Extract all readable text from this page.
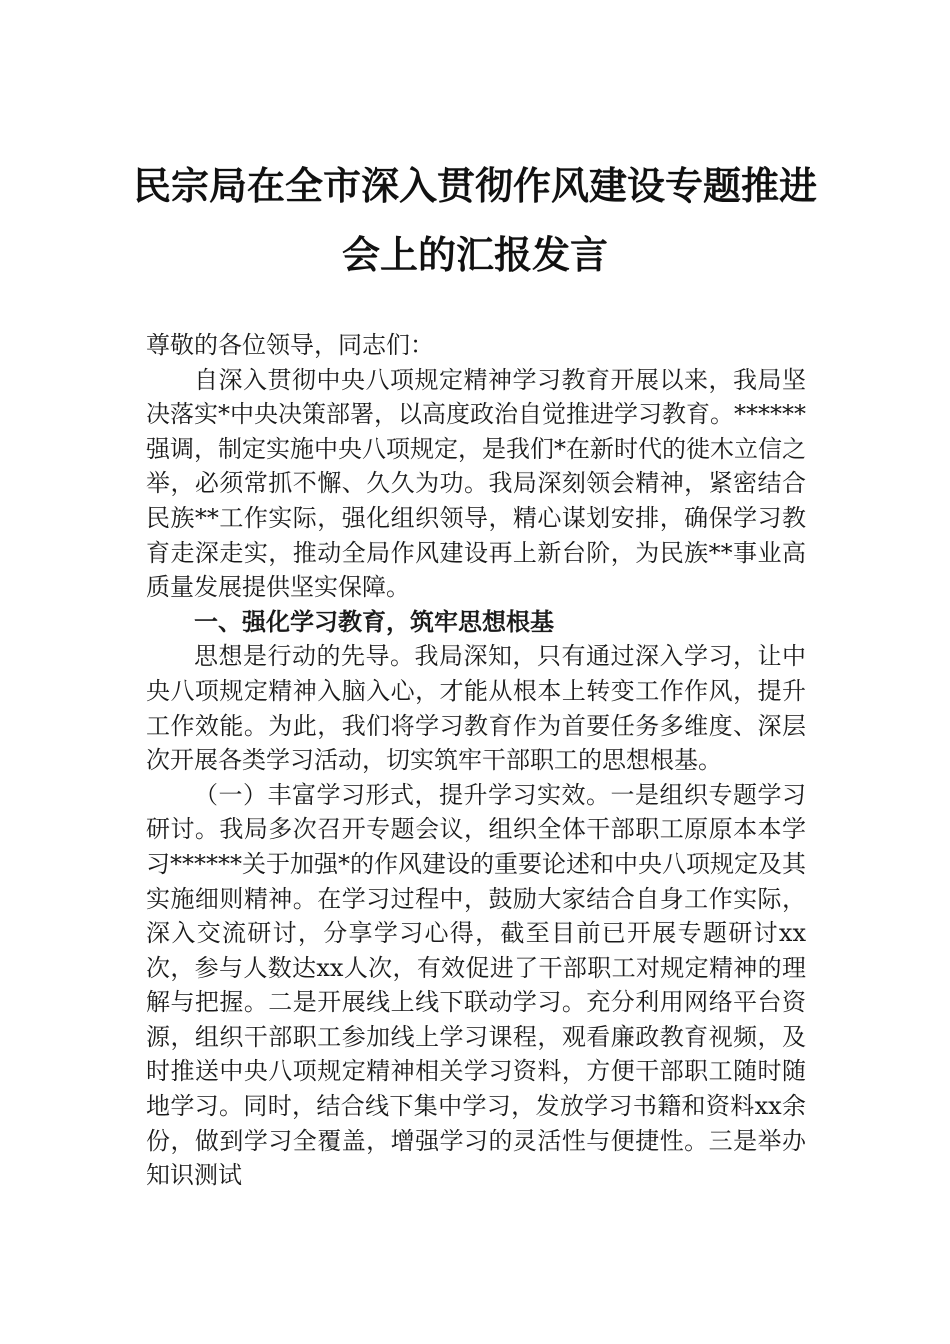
民宗局在全市深入贯彻作风建设专题推进
会上的汇报发言

尊敬的各位领导，同志们：

自深入贯彻中央八项规定精神学习教育开展以来，我局坚决落实*中央决策部署，以高度政治自觉推进学习教育。******强调，制定实施中央八项规定，是我们*在新时代的徙木立信之举，必须常抓不懈、久久为功。我局深刻领会精神，紧密结合民族**工作实际，强化组织领导，精心谋划安排，确保学习教育走深走实，推动全局作风建设再上新台阶，为民族**事业高质量发展提供坚实保障。

一、强化学习教育，筑牢思想根基

思想是行动的先导。我局深知，只有通过深入学习，让中央八项规定精神入脑入心，才能从根本上转变工作作风，提升工作效能。为此，我们将学习教育作为首要任务多维度、深层次开展各类学习活动，切实筑牢干部职工的思想根基。

（一）丰富学习形式，提升学习实效。一是组织专题学习研讨。我局多次召开专题会议，组织全体干部职工原原本本学习******关于加强*的作风建设的重要论述和中央八项规定及其实施细则精神。在学习过程中，鼓励大家结合自身工作实际，深入交流研讨，分享学习心得，截至目前已开展专题研讨xx次，参与人数达xx人次，有效促进了干部职工对规定精神的理解与把握。二是开展线上线下联动学习。充分利用网络平台资源，组织干部职工参加线上学习课程，观看廉政教育视频，及时推送中央八项规定精神相关学习资料，方便干部职工随时随地学习。同时，结合线下集中学习，发放学习书籍和资料xx余份，做到学习全覆盖，增强学习的灵活性与便捷性。三是举办知识测试
